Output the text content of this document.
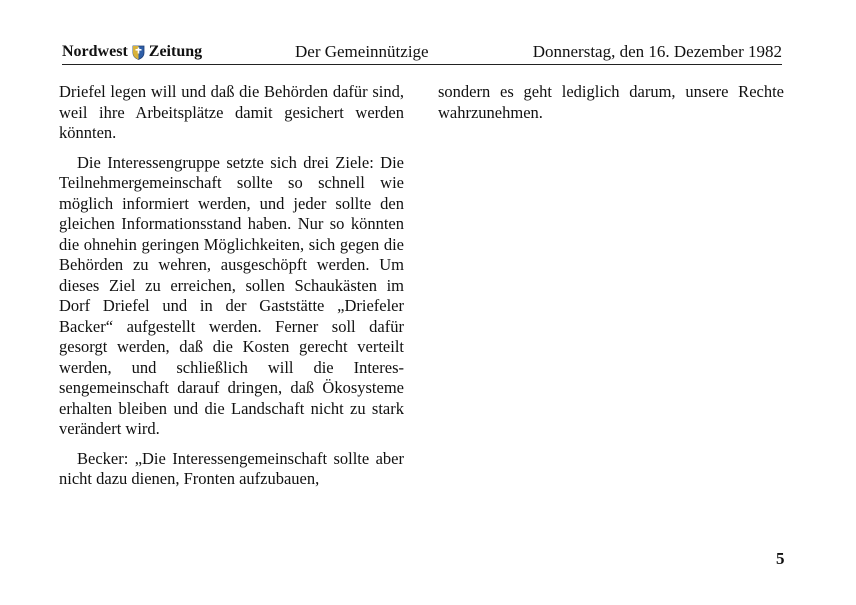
Nordwest Zeitung	Der Gemeinnützige	Donnerstag, den 16. Dezember 1982

Driefel legen will und daß die Behörden dafür sind, weil ihre Arbeitsplätze damit gesichert werden könnten.

Die Interessengruppe setzte sich drei Ziele: Die Teilnehmergemeinschaft sollte so schnell wie möglich informiert werden, und jeder sollte den gleichen Informationsstand haben. Nur so könnten die ohnehin geringen Möglichkeiten, sich gegen die Behörden zu wehren, ausgeschöpft werden. Um dieses Ziel zu erreichen, sollen Schaukästen im Dorf Driefel und in der Gaststätte „Driefeler Backer“ aufgestellt werden. Ferner soll dafür gesorgt werden, daß die Kosten gerecht verteilt werden, und schließlich will die Interessengemeinschaft darauf dringen, daß Ökosysteme erhalten bleiben und die Landschaft nicht zu stark verändert wird.

Becker: „Die Interessengemeinschaft sollte aber nicht dazu dienen, Fronten aufzubauen,

sondern es geht lediglich darum, unsere Rechte wahrzunehmen.

5
